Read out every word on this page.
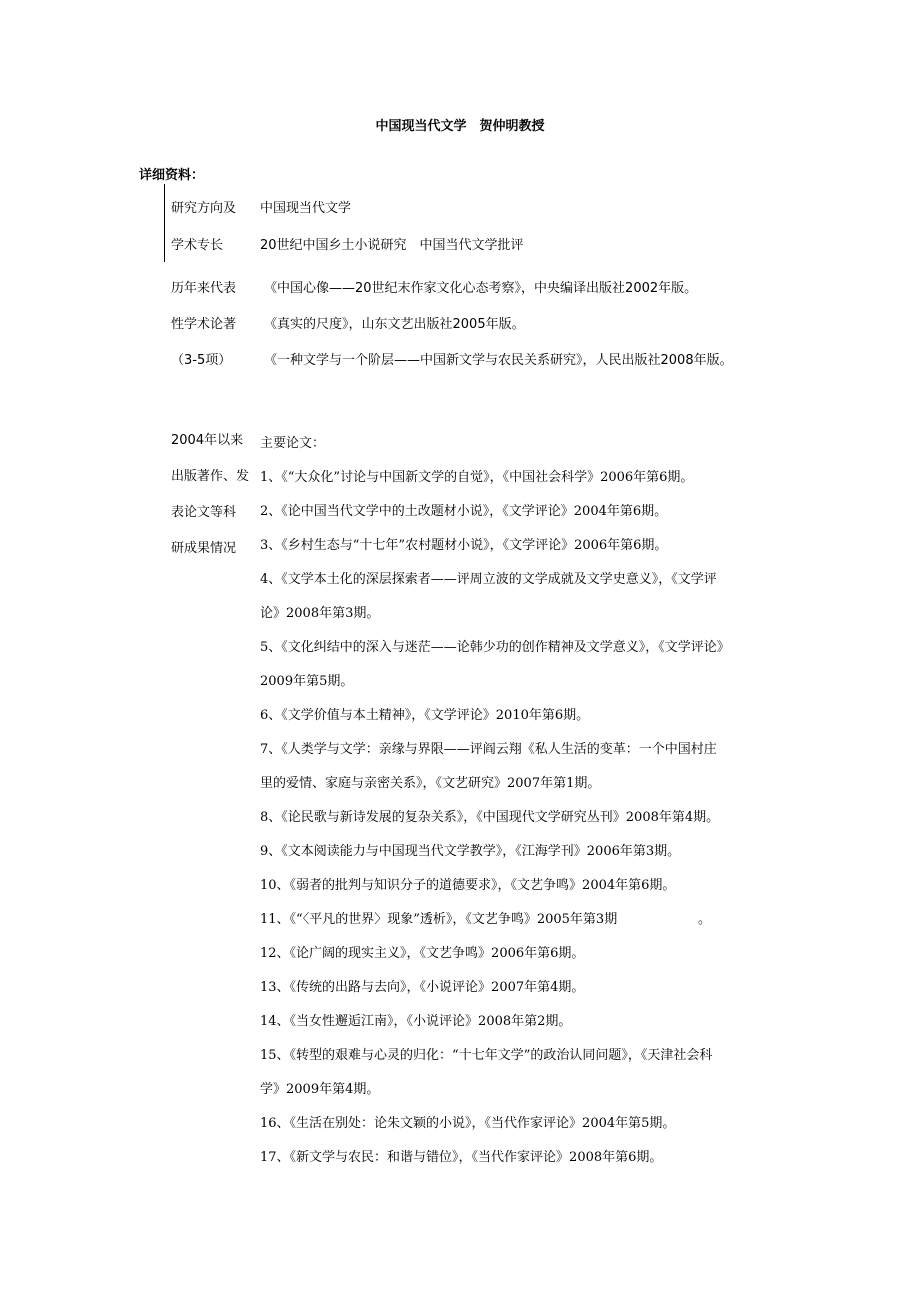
中国现当代文学　贺仲明教授
详细资料：
研究方向及 中国现当代文学
学术专长	20世纪中国乡土小说研究　中国当代文学批评
历年来代表
性学术论著
（3-5项）
《中国心像——20世纪末作家文化心态考察》，中央编译出版社2002年版。
《真实的尺度》，山东文艺出版社2005年版。
《一种文学与一个阶层——中国新文学与农民关系研究》，人民出版社2008年版。
2004年以来
出版著作、发
表论文等科
研成果情况
主要论文：
1、《“大众化”讨论与中国新文学的自觉》，《中国社会科学》2006年第6期。
2、《论中国当代文学中的土改题材小说》，《文学评论》2004年第6期。
3、《乡村生态与“十七年”农村题材小说》，《文学评论》2006年第6期。
4、《文学本土化的深层探索者——评周立波的文学成就及文学史意义》，《文学评
论》2008年第3期。
5、《文化纠结中的深入与迷茫——论韩少功的创作精神及文学意义》，《文学评论》
2009年第5期。
6、《文学价值与本土精神》，《文学评论》2010年第6期。
7、《人类学与文学：亲缘与界限——评阎云翔《私人生活的变革：一个中国村庄
里的爱情、家庭与亲密关系》，《文艺研究》2007年第1期。
8、《论民歌与新诗发展的复杂关系》，《中国现代文学研究丛刊》2008年第4期。
9、《文本阅读能力与中国现当代文学教学》，《江海学刊》2006年第3期。
10、《弱者的批判与知识分子的道德要求》，《文艺争鸣》2004年第6期。
11、《“〈平凡的世界〉现象”透析》，《文艺争鸣》2005年第3期	。
12、《论广阔的现实主义》，《文艺争鸣》2006年第6期。
13、《传统的出路与去向》，《小说评论》2007年第4期。
14、《当女性邂逅江南》，《小说评论》2008年第2期。
15、《转型的艰难与心灵的归化：“十七年文学”的政治认同问题》，《天津社会科
学》2009年第4期。
16、《生活在别处：论朱文颖的小说》，《当代作家评论》2004年第5期。
17、《新文学与农民：和谐与错位》，《当代作家评论》2008年第6期。
